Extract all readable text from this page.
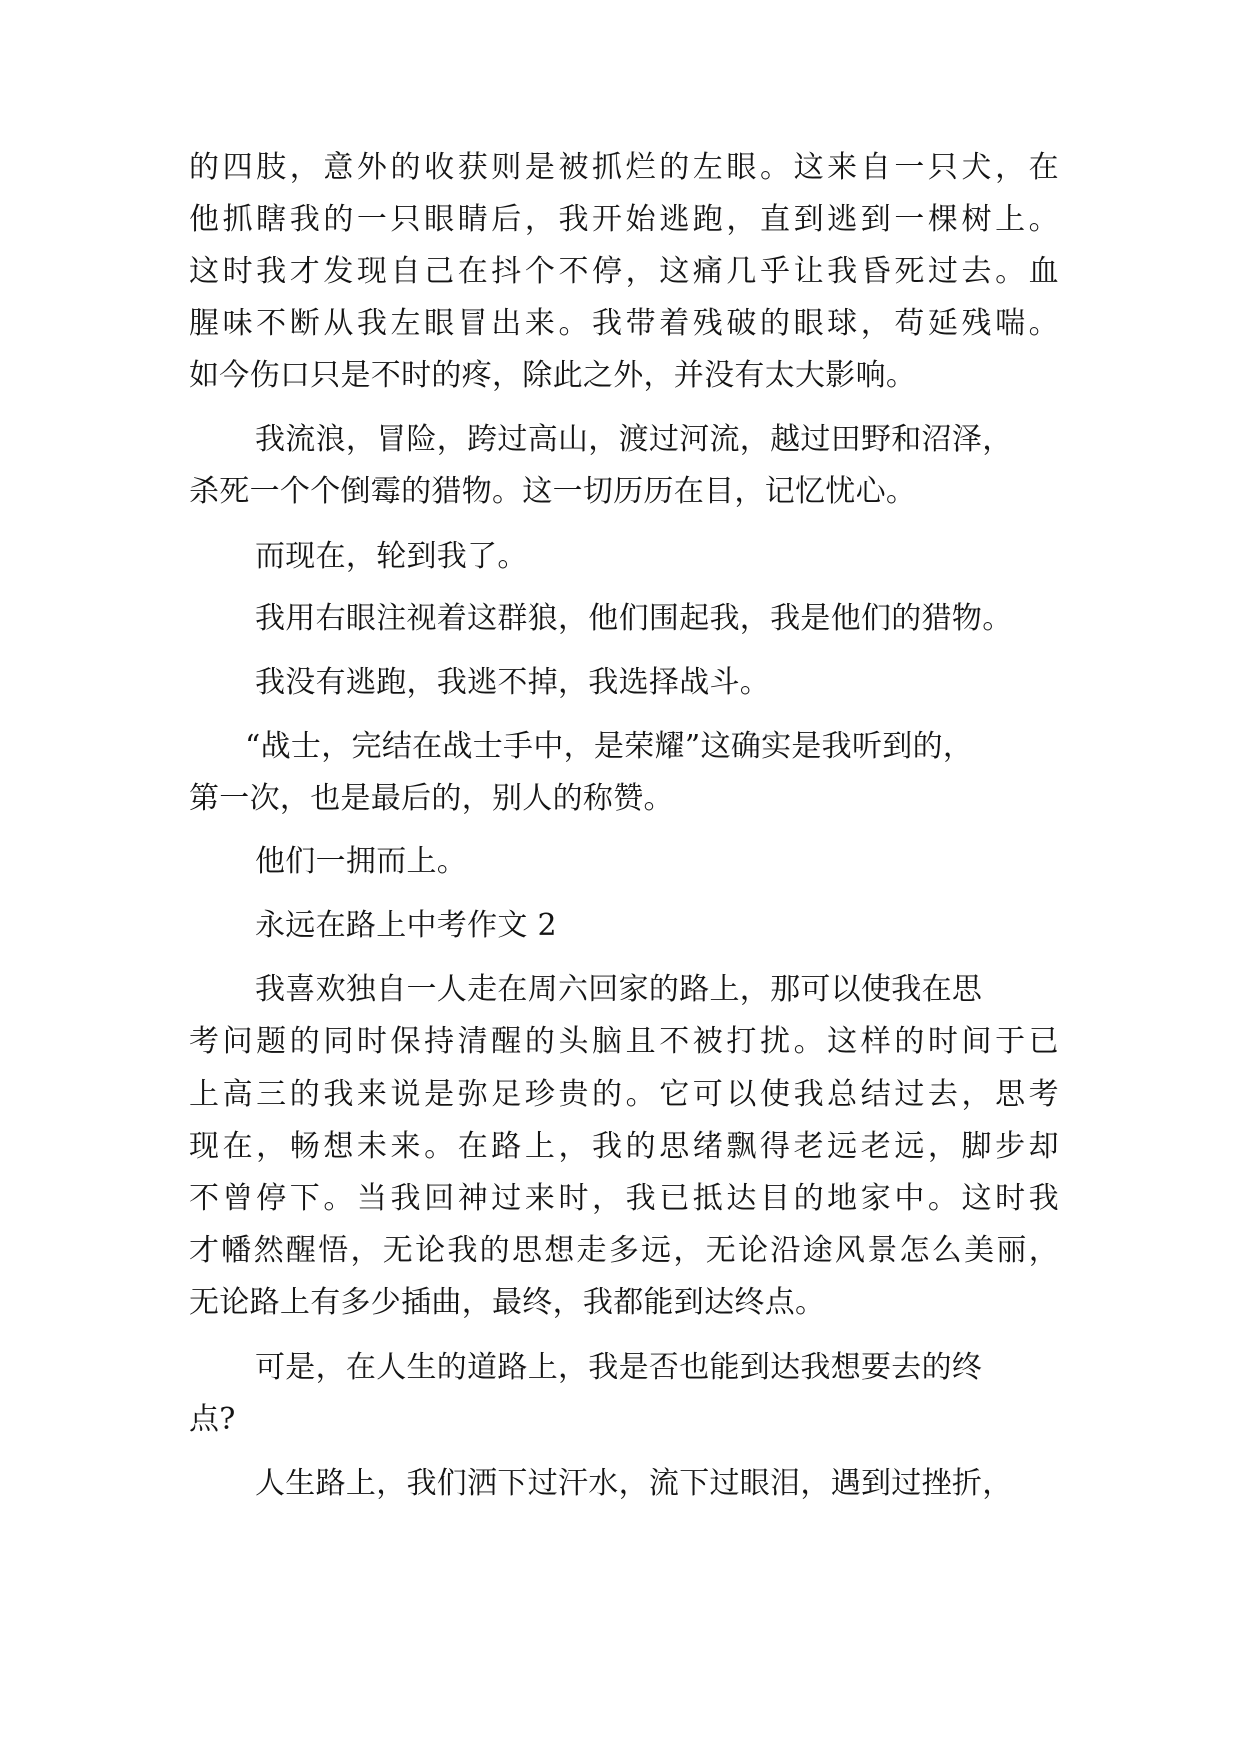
的四肢，意外的收获则是被抓烂的左眼。这来自一只犬，在
他抓瞎我的一只眼睛后，我开始逃跑，直到逃到一棵树上。
这时我才发现自己在抖个不停，这痛几乎让我昏死过去。血
腥味不断从我左眼冒出来。我带着残破的眼球，苟延残喘。
如今伤口只是不时的疼，除此之外，并没有太大影响。
我流浪，冒险，跨过高山，渡过河流，越过田野和沼泽，
杀死一个个倒霉的猎物。这一切历历在目，记忆忧心。
而现在，轮到我了。
我用右眼注视着这群狼，他们围起我，我是他们的猎物。
我没有逃跑，我逃不掉，我选择战斗。
“战士，完结在战士手中，是荣耀”这确实是我听到的，
第一次，也是最后的，别人的称赞。
他们一拥而上。
永远在路上中考作文 2
我喜欢独自一人走在周六回家的路上，那可以使我在思
考问题的同时保持清醒的头脑且不被打扰。这样的时间于已
上高三的我来说是弥足珍贵的。它可以使我总结过去，思考
现在，畅想未来。在路上，我的思绪飘得老远老远，脚步却
不曾停下。当我回神过来时，我已抵达目的地家中。这时我
才幡然醒悟，无论我的思想走多远，无论沿途风景怎么美丽，
无论路上有多少插曲，最终，我都能到达终点。
可是，在人生的道路上，我是否也能到达我想要去的终
点?
人生路上，我们洒下过汗水，流下过眼泪，遇到过挫折，
